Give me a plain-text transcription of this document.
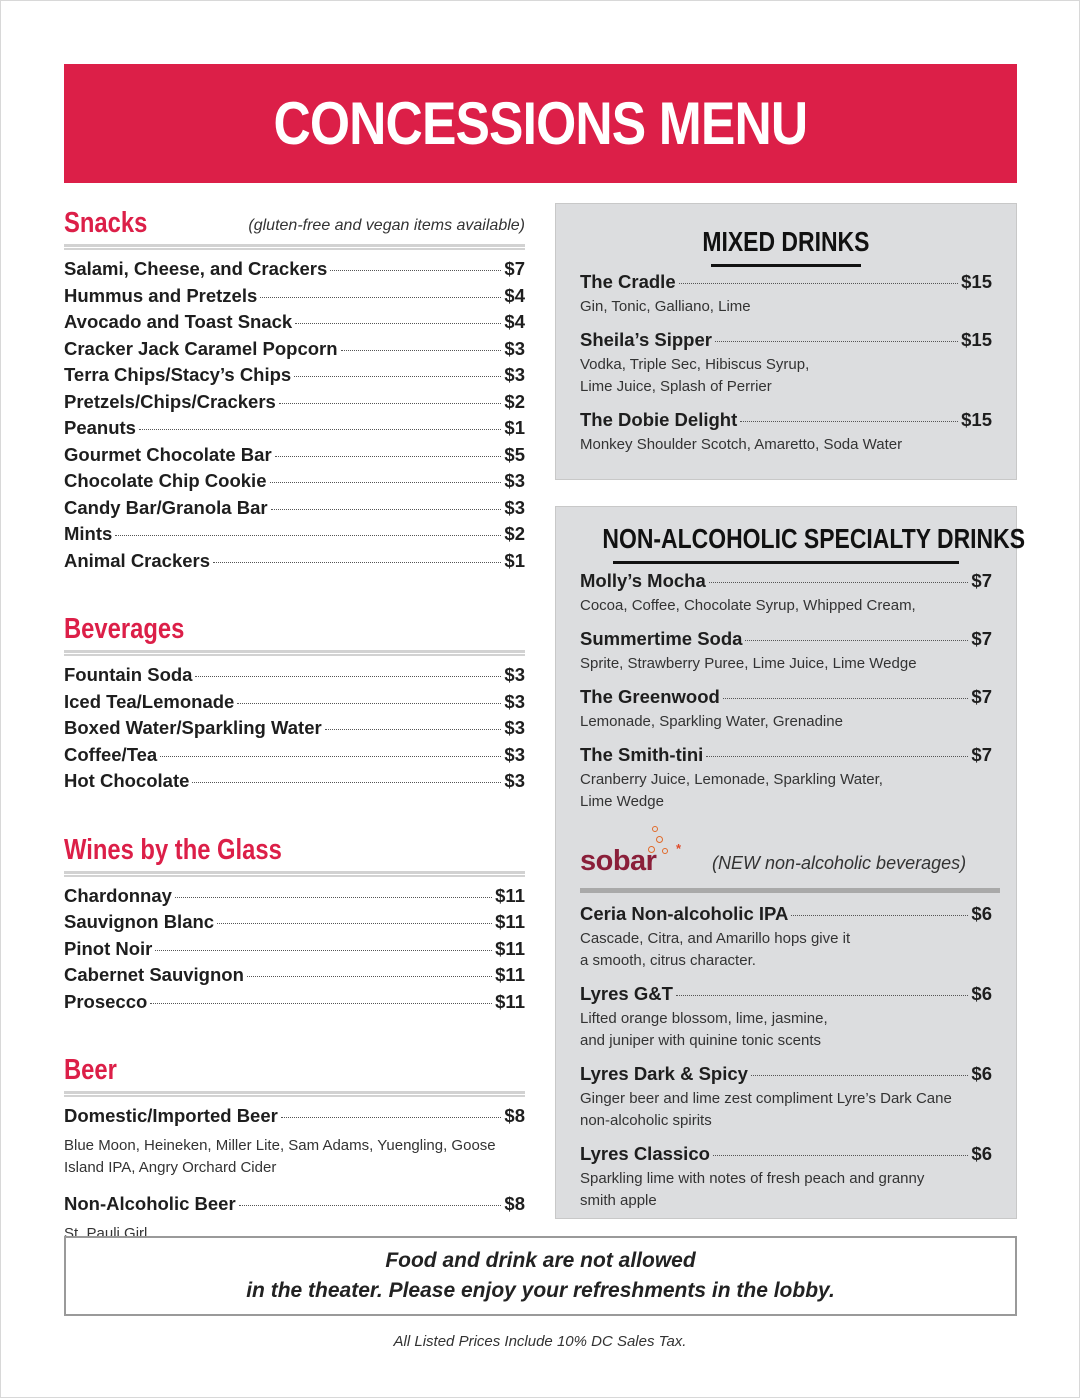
CONCESSIONS MENU
Snacks	(gluten-free and vegan items available)
Salami, Cheese, and Crackers	$7
Hummus and Pretzels	$4
Avocado and Toast Snack	$4
Cracker Jack Caramel Popcorn	$3
Terra Chips/Stacy’s Chips	$3
Pretzels/Chips/Crackers	$2
Peanuts	$1
Gourmet Chocolate Bar	$5
Chocolate Chip Cookie	$3
Candy Bar/Granola Bar	$3
Mints	$2
Animal Crackers	$1
Beverages
Fountain Soda	$3
Iced Tea/Lemonade	$3
Boxed Water/Sparkling Water	$3
Coffee/Tea	$3
Hot Chocolate	$3
Wines by the Glass
Chardonnay	$11
Sauvignon Blanc	$11
Pinot Noir	$11
Cabernet Sauvignon	$11
Prosecco	$11
Beer
Domestic/Imported Beer	$8
Blue Moon, Heineken, Miller Lite, Sam Adams, Yuengling, Goose
Island IPA, Angry Orchard Cider
Non-Alcoholic Beer	$8
St. Pauli Girl
MIXED DRINKS
The Cradle	$15
Gin, Tonic, Galliano, Lime
Sheila’s Sipper	$15
Vodka, Triple Sec, Hibiscus Syrup,
Lime Juice, Splash of Perrier
The Dobie Delight	$15
Monkey Shoulder Scotch, Amaretto, Soda Water
NON-ALCOHOLIC SPECIALTY DRINKS
Molly’s Mocha	$7
Cocoa, Coffee, Chocolate Syrup, Whipped Cream,
Summertime Soda	$7
Sprite, Strawberry Puree, Lime Juice, Lime Wedge
The Greenwood	$7
Lemonade, Sparkling Water, Grenadine
The Smith-tini	$7
Cranberry Juice, Lemonade, Sparkling Water,
Lime Wedge
sobar *
(NEW non-alcoholic beverages)
Ceria Non-alcoholic IPA	$6
Cascade, Citra, and Amarillo hops give it
a smooth, citrus character.
Lyres G&T	$6
Lifted orange blossom, lime, jasmine,
and juniper with quinine tonic scents
Lyres Dark & Spicy	$6
Ginger beer and lime zest compliment Lyre’s Dark Cane
non-alcoholic spirits
Lyres Classico	$6
Sparkling lime with notes of fresh peach and granny
smith apple
Food and drink are not allowed
in the theater. Please enjoy your refreshments in the lobby.
All Listed Prices Include 10% DC Sales Tax.
